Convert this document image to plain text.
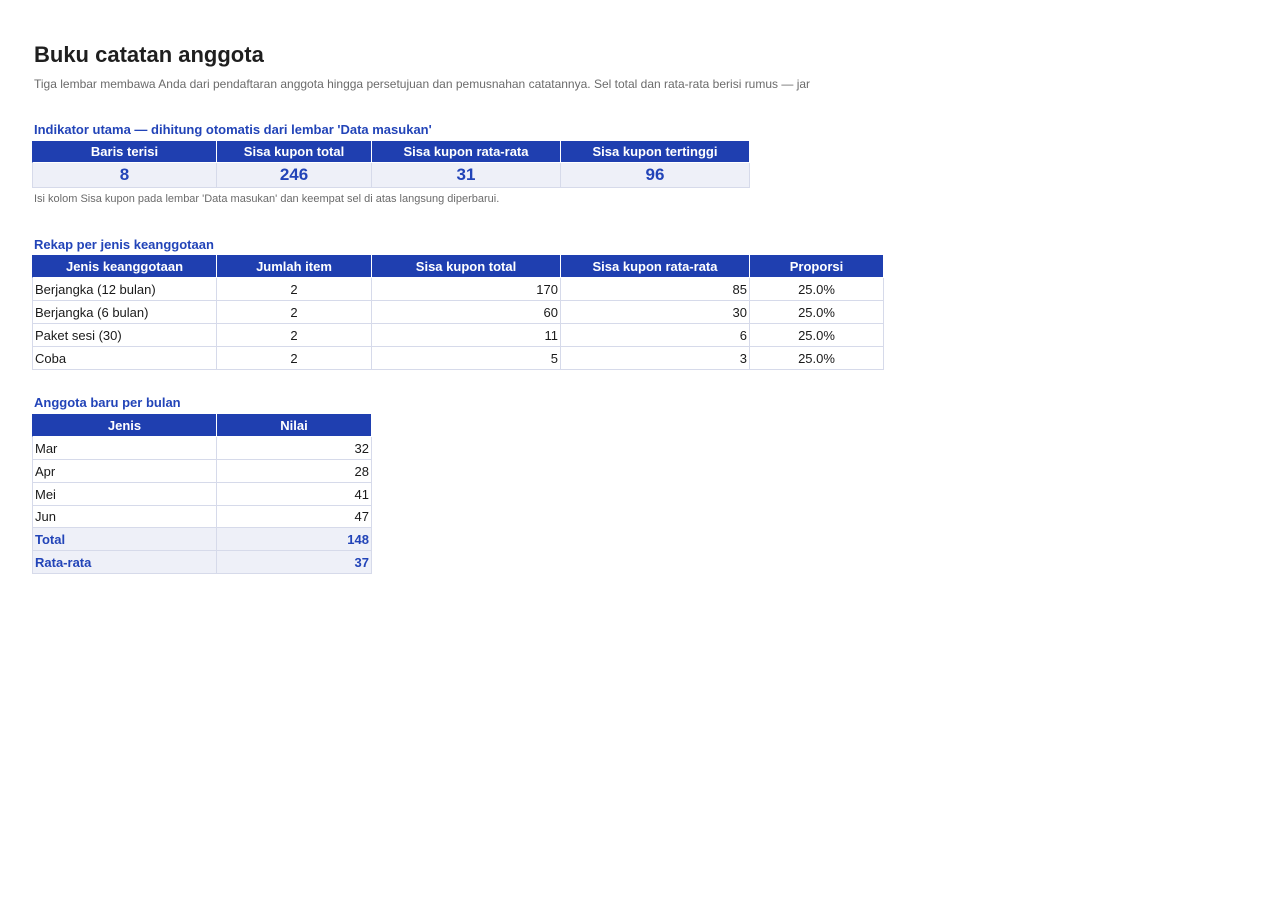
Buku catatan anggota
Tiga lembar membawa Anda dari pendaftaran anggota hingga persetujuan dan pemusnahan catatannya. Sel total dan rata-rata berisi rumus — jar
Indikator utama — dihitung otomatis dari lembar 'Data masukan'
Baris terisi	Sisa kupon total	Sisa kupon rata-rata	Sisa kupon tertinggi
8	246	31	96
Isi kolom Sisa kupon pada lembar 'Data masukan' dan keempat sel di atas langsung diperbarui.
Rekap per jenis keanggotaan
Jenis keanggotaan	Jumlah item	Sisa kupon total	Sisa kupon rata-rata	Proporsi
Berjangka (12 bulan)	2	170	85	25.0%
Berjangka (6 bulan)	2	60	30	25.0%
Paket sesi (30)	2	11	6	25.0%
Coba	2	5	3	25.0%
Anggota baru per bulan
Jenis	Nilai
Mar	32
Apr	28
Mei	41
Jun	47
Total	148
Rata-rata	37
